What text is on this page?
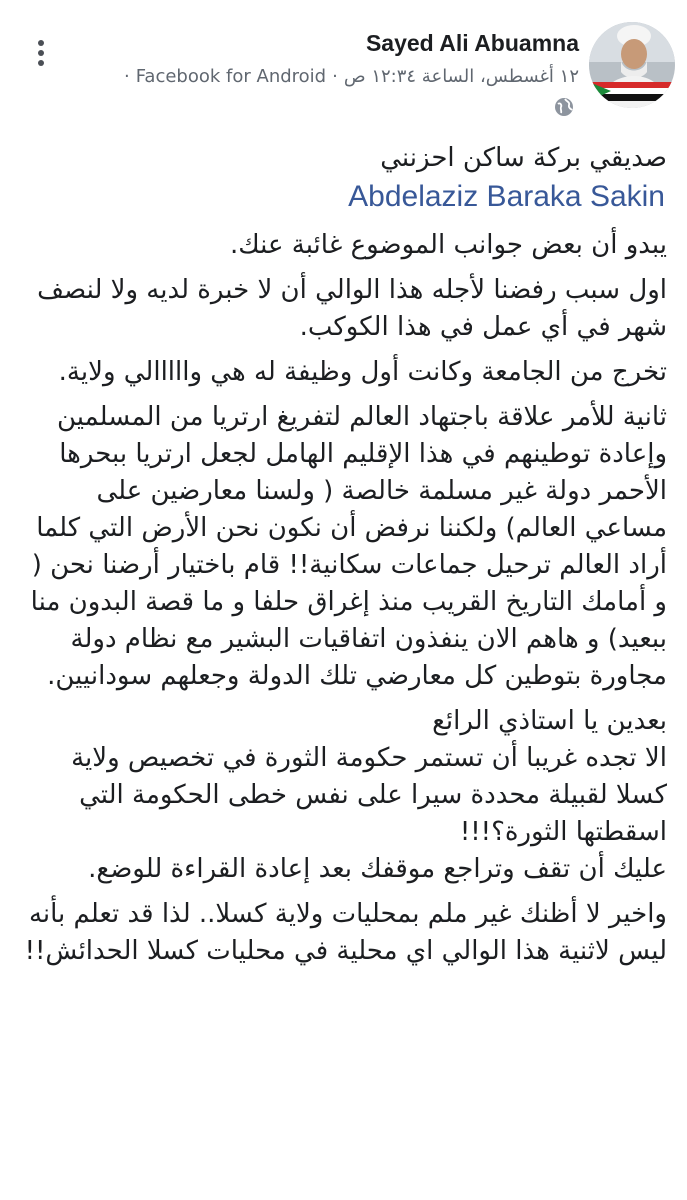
Sayed Ali Abuamna
١٢ أغسطس، الساعة ١٢:٣٤ ص·Facebook for Android·
صديقي بركة ساكن احزنني
Abdelaziz Baraka Sakin
يبدو أن بعض جوانب الموضوع غائبة عنك.
اول سبب رفضنا لأجله هذا الوالي أن لا خبرة لديه ولا لنصف شهر في أي عمل في هذا الكوكب.
تخرج من الجامعة وكانت أول وظيفة له هي وااااالي ولاية.
ثانية للأمر علاقة باجتهاد العالم لتفريغ ارتريا من المسلمين وإعادة توطينهم في هذا الإقليم الهامل لجعل ارتريا ببحرها الأحمر دولة غير مسلمة خالصة ( ولسنا معارضين على مساعي العالم) ولكننا نرفض أن نكون نحن الأرض التي كلما أراد العالم ترحيل جماعات سكانية!! قام باختيار أرضنا نحن ( و أمامك التاريخ القريب منذ إغراق حلفا و ما قصة البدون منا ببعيد) و هاهم الان ينفذون اتفاقيات البشير مع نظام دولة مجاورة بتوطين كل معارضي تلك الدولة وجعلهم سودانيين.
بعدين يا استاذي الرائع
الا تجده غريبا أن تستمر حكومة الثورة في تخصيص ولاية كسلا لقبيلة محددة سيرا على نفس خطى الحكومة التي اسقطتها الثورة؟!!!
عليك أن تقف وتراجع موقفك بعد إعادة القراءة للوضع.
واخير لا أظنك غير ملم بمحليات ولاية كسلا.. لذا قد تعلم بأنه ليس لاثنية هذا الوالي اي محلية في محليات كسلا الحدائش!!
